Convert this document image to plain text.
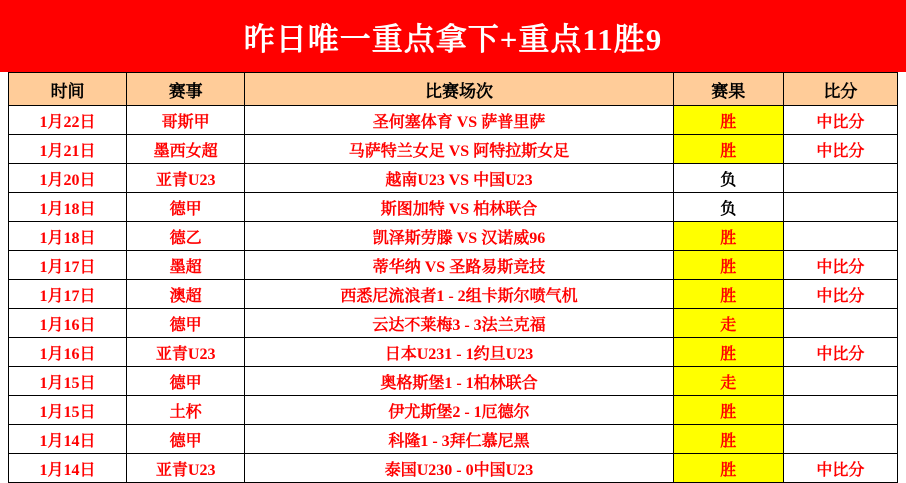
昨日唯一重点拿下+重点11胜9
时间	赛事	比赛场次	赛果	比分
1月22日	哥斯甲	圣何塞体育 VS 萨普里萨	胜	中比分
1月21日	墨西女超	马萨特兰女足 VS 阿特拉斯女足	胜	中比分
1月20日	亚青U23	越南U23 VS 中国U23	负	
1月18日	德甲	斯图加特 VS 柏林联合	负	
1月18日	德乙	凯泽斯劳滕 VS 汉诺威96	胜	
1月17日	墨超	蒂华纳 VS 圣路易斯竞技	胜	中比分
1月17日	澳超	西悉尼流浪者1 - 2组卡斯尔喷气机	胜	中比分
1月16日	德甲	云达不莱梅3 - 3法兰克福	走	
1月16日	亚青U23	日本U231 - 1约旦U23	胜	中比分
1月15日	德甲	奥格斯堡1 - 1柏林联合	走	
1月15日	土杯	伊尤斯堡2 - 1厄德尔	胜	
1月14日	德甲	科隆1 - 3拜仁慕尼黑	胜	
1月14日	亚青U23	泰国U230 - 0中国U23	胜	中比分
